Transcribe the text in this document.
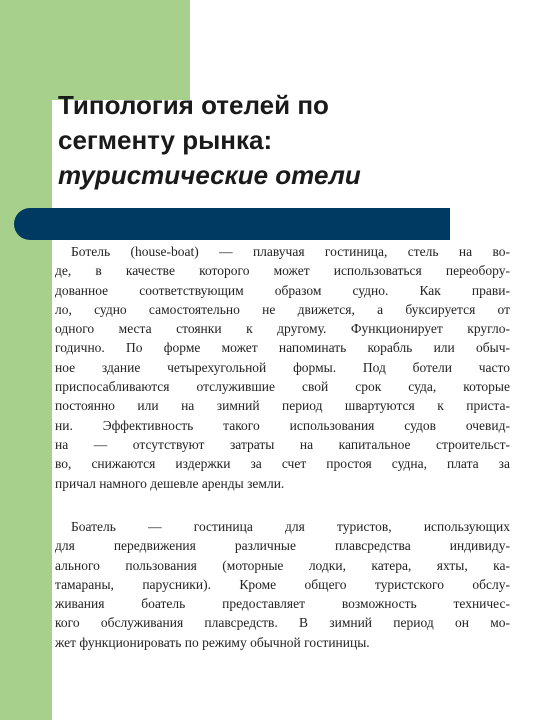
Типология отелей по
сегменту рынка:
туристические отели
Ботель (house-boat) — плавучая гостиница, стель на во-
де, в качестве которого может использоваться переобору-
дованное соответствующим образом судно. Как прави-
ло, судно самостоятельно не движется, а буксируется от
одного места стоянки к другому. Функционирует кругло-
годично. По форме может напоминать корабль или обыч-
ное здание четырехугольной формы. Под ботели часто
приспосабливаются отслужившие свой срок суда, которые
постоянно или на зимний период швартуются к приста-
ни. Эффективность такого использования судов очевид-
на — отсутствуют затраты на капитальное строительст-
во, снижаются издержки за счет простоя судна, плата за
причал намного дешевле аренды земли.
Боатель — гостиница для туристов, использующих
для передвижения различные плавсредства индивиду-
ального пользования (моторные лодки, катера, яхты, ка-
тамараны, парусники). Кроме общего туристского обслу-
живания боатель предоставляет возможность техничес-
кого обслуживания плавсредств. В зимний период он мо-
жет функционировать по режиму обычной гостиницы.
